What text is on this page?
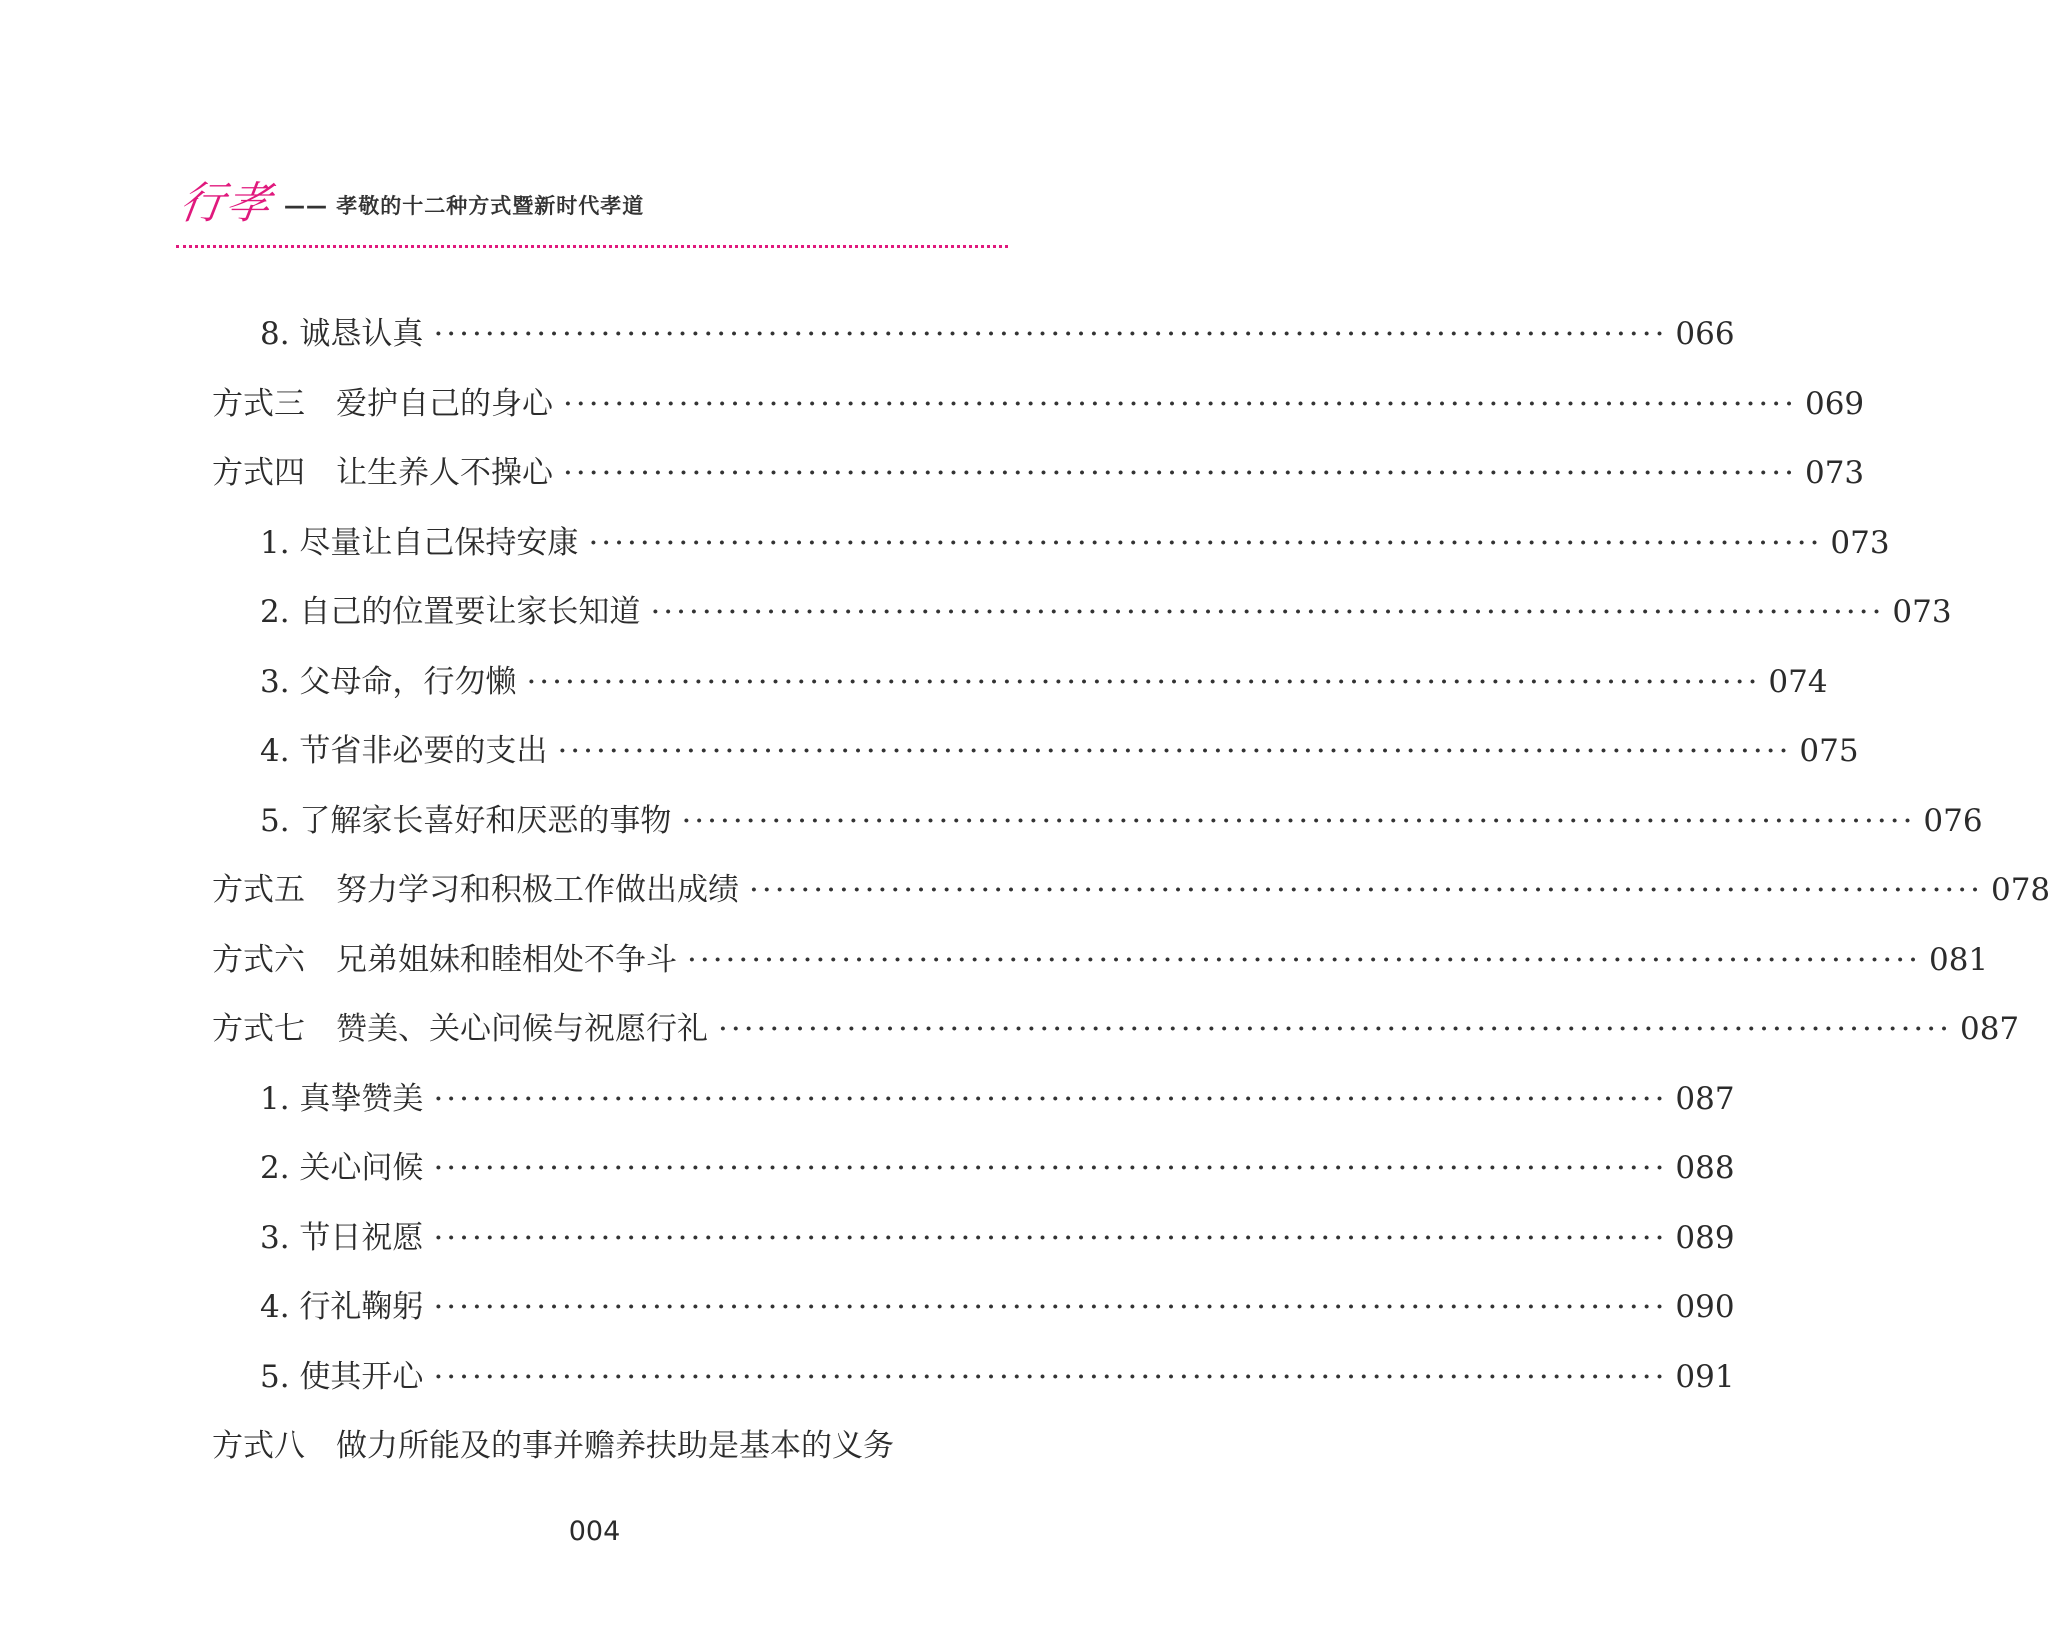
行孝 —— 孝敬的十二种方式暨新时代孝道
8. 诚恳认真 ································································································ 066
方式三　爱护自己的身心 ································································································ 069
方式四　让生养人不操心 ································································································ 073
1. 尽量让自己保持安康 ································································································ 073
2. 自己的位置要让家长知道 ································································································ 073
3. 父母命，行勿懒 ································································································ 074
4. 节省非必要的支出 ································································································ 075
5. 了解家长喜好和厌恶的事物 ································································································ 076
方式五　努力学习和积极工作做出成绩 ································································································ 078
方式六　兄弟姐妹和睦相处不争斗 ································································································ 081
方式七　赞美、关心问候与祝愿行礼 ································································································ 087
1. 真挚赞美 ································································································ 087
2. 关心问候 ································································································ 088
3. 节日祝愿 ································································································ 089
4. 行礼鞠躬 ································································································ 090
5. 使其开心 ································································································ 091
方式八　做力所能及的事并赡养扶助是基本的义务
004
